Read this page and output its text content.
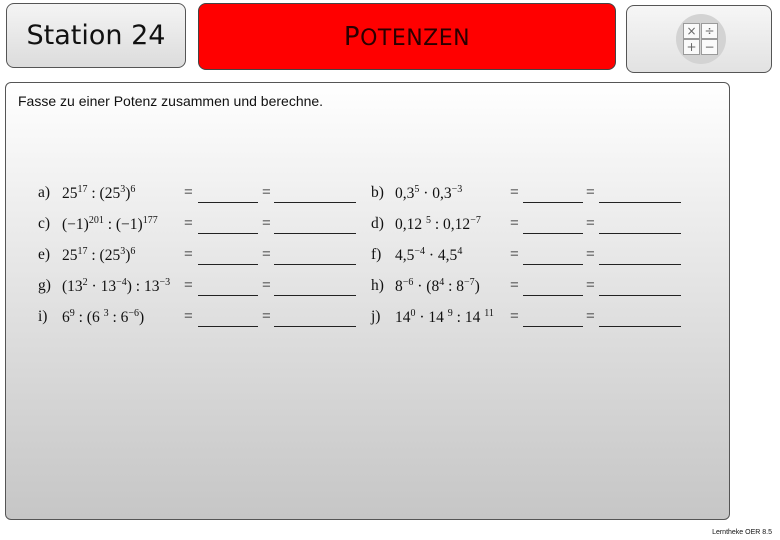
Station 24	POTENZEN	× ÷
+ −
Fasse zu einer Potenz zusammen und berechne.
a) $25^{17}$ : $(25^3)^6$	=	=	b) $0,3^5 \cdot 0,3^{-3}$	=	=
c) $(-1)^{201}$ : $(-1)^{177}$ =	=	d) 0,12 $^5$ : $0,12^{-7}$ =	=
e) $25^{17}$ : $(25^3)^6$	=	=	f) $4,5^{-4} \cdot 4,5^4$	=	=
g) $(13^2 \cdot 13^{-4})$ : $13^{-3}$ =	=	h) $8^{-6} \cdot (8^4$ : $8^{-7}$) =	=
i) $6^9$ : (6 $^3$ : $6^{-6}$)	=	=	j) $14^0 \cdot 14$ $^9$ : 14 $^{11}$ =	=
Lerntheke OER 8.5
